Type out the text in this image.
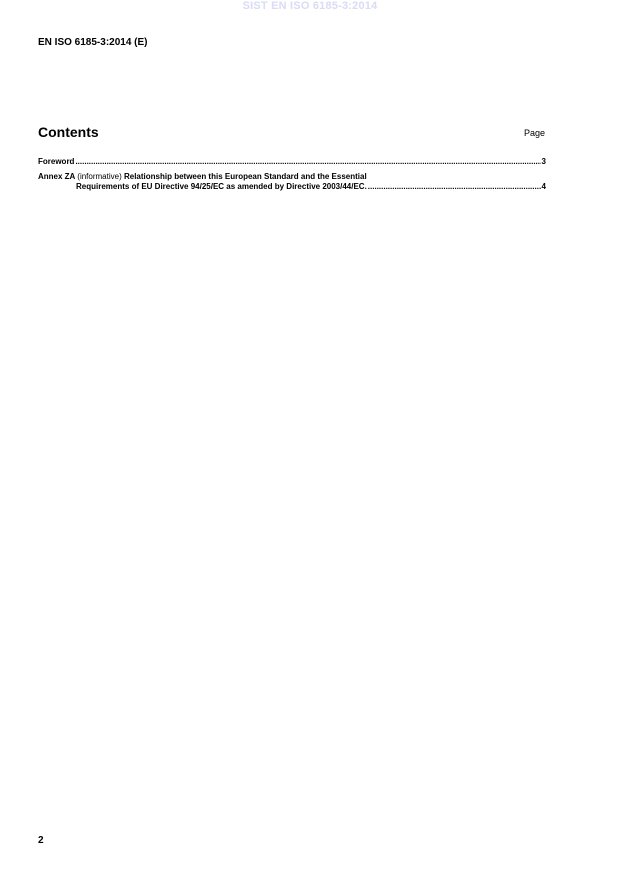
SIST EN ISO 6185-3:2014
EN ISO 6185-3:2014 (E)
Contents	Page
Foreword .....	3
Annex ZA (informative) Relationship between this European Standard and the Essential
Requirements of EU Directive 94/25/EC as amended by Directive 2003/44/EC. .....	4
2
